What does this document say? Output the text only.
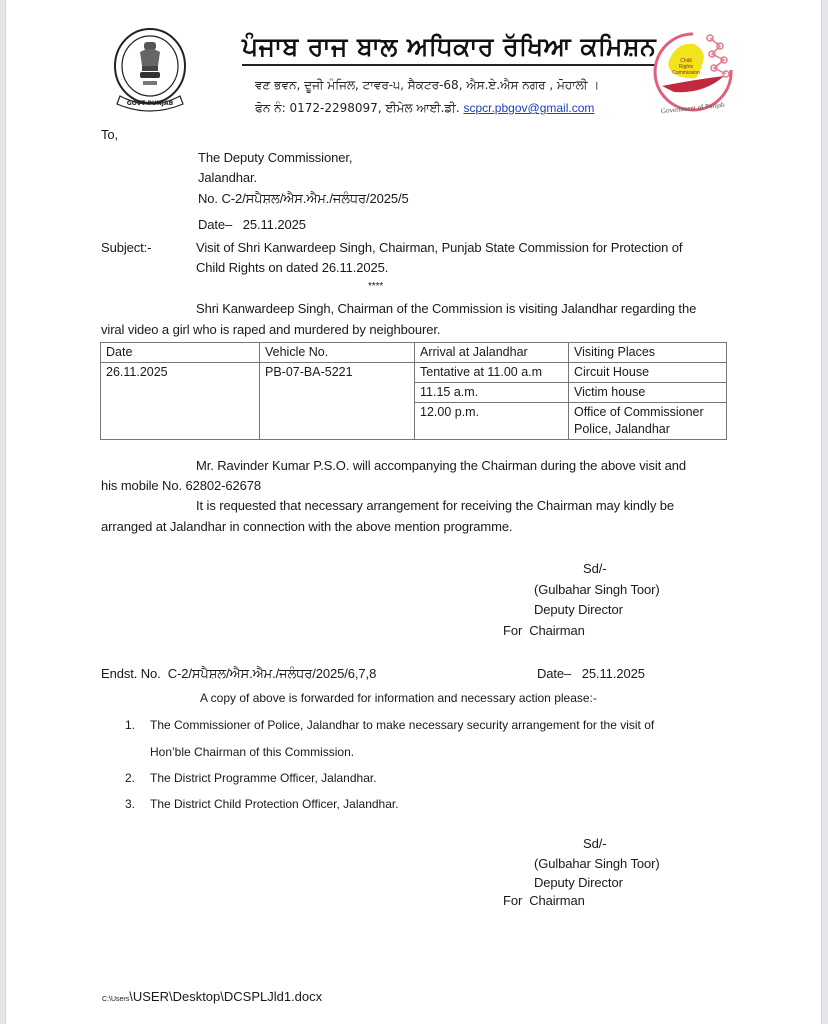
GOVT PUNJAB
ਪੰਜਾਬ ਰਾਜ ਬਾਲ ਅਧਿਕਾਰ ਰੱਖਿਆ ਕਮਿਸ਼ਨ
ਵਣ ਭਵਨ, ਦੂਜੀ ਮੰਜਿਲ, ਟਾਵਰ-੫, ਸੈਕਟਰ-68, ਐਸ.ਏ.ਐਸ ਨਗਰ , ਮੋਹਾਲੀ ।
ਫੋਨ ਨੰ: 0172-2298097, ਈਮੇਲ ਆਈ.ਡੀ. scpcr.pbgov@gmail.com
Child
Rights
Commission
Government of Punjab
To,
The Deputy Commissioner,
Jalandhar.
No. C-2/ਸਪੈਸ਼ਲ/ਐਸ.ਐਮ./ਜਲੰਧਰ/2025/5
Date– 25.11.2025
Subject:-	Visit of Shri Kanwardeep Singh, Chairman, Punjab State Commission for Protection of
Child Rights on dated 26.11.2025.
****
Shri Kanwardeep Singh, Chairman of the Commission is visiting Jalandhar regarding the
viral video a girl who is raped and murdered by neighbourer.
Date	Vehicle No.	Arrival at Jalandhar	Visiting Places
26.11.2025	PB-07-BA-5221	Tentative at 11.00 a.m	Circuit House
		11.15 a.m.	Victim house
		12.00 p.m.	Office of Commissioner Police, Jalandhar
Mr. Ravinder Kumar P.S.O. will accompanying the Chairman during the above visit and
his mobile No. 62802-62678
It is requested that necessary arrangement for receiving the Chairman may kindly be
arranged at Jalandhar in connection with the above mention programme.
Sd/-
(Gulbahar Singh Toor)
Deputy Director
For  Chairman
Endst. No.  C-2/ਸਪੈਸ਼ਲ/ਐਸ.ਐਮ./ਜਲੰਧਰ/2025/6,7,8	Date– 25.11.2025
A copy of above is forwarded for information and necessary action please:-
1. The Commissioner of Police, Jalandhar to make necessary security arrangement for the visit of
Hon’ble Chairman of this Commission.
2. The District Programme Officer, Jalandhar.
3. The District Child Protection Officer, Jalandhar.
Sd/-
(Gulbahar Singh Toor)
Deputy Director
For  Chairman
C:\Users\USER\Desktop\DCSPLJld1.docx
